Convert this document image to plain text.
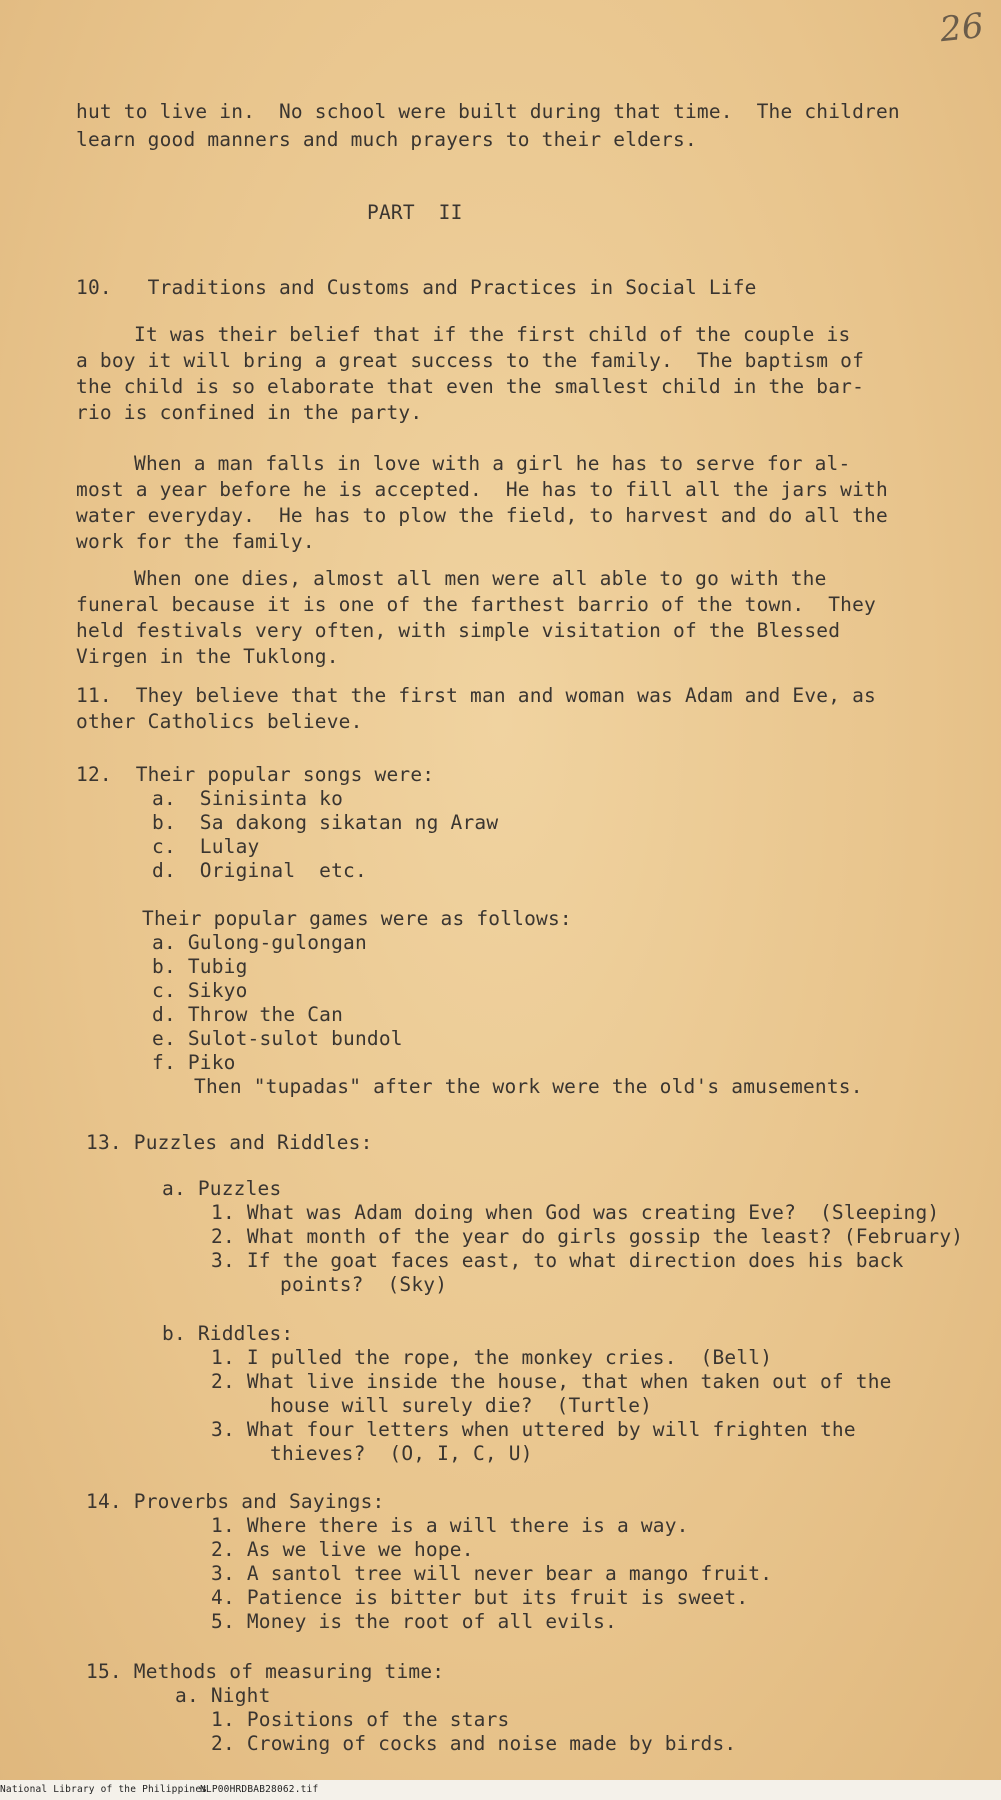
26
hut to live in.  No school were built during that time.  The children
learn good manners and much prayers to their elders.
PART  II
10.   Traditions and Customs and Practices in Social Life
It was their belief that if the first child of the couple is
a boy it will bring a great success to the family.  The baptism of
the child is so elaborate that even the smallest child in the bar-
rio is confined in the party.
When a man falls in love with a girl he has to serve for al-
most a year before he is accepted.  He has to fill all the jars with
water everyday.  He has to plow the field, to harvest and do all the
work for the family.
When one dies, almost all men were all able to go with the
funeral because it is one of the farthest barrio of the town.  They
held festivals very often, with simple visitation of the Blessed
Virgen in the Tuklong.
11.  They believe that the first man and woman was Adam and Eve, as
other Catholics believe.
12.  Their popular songs were:
a.  Sinisinta ko
b.  Sa dakong sikatan ng Araw
c.  Lulay
d.  Original  etc.
Their popular games were as follows:
a. Gulong-gulongan
b. Tubig
c. Sikyo
d. Throw the Can
e. Sulot-sulot bundol
f. Piko
Then "tupadas" after the work were the old's amusements.
13. Puzzles and Riddles:
a. Puzzles
1. What was Adam doing when God was creating Eve?  (Sleeping)
2. What month of the year do girls gossip the least? (February)
3. If the goat faces east, to what direction does his back
points?  (Sky)
b. Riddles:
1. I pulled the rope, the monkey cries.  (Bell)
2. What live inside the house, that when taken out of the
house will surely die?  (Turtle)
3. What four letters when uttered by will frighten the
thieves?  (O, I, C, U)
14. Proverbs and Sayings:
1. Where there is a will there is a way.
2. As we live we hope.
3. A santol tree will never bear a mango fruit.
4. Patience is bitter but its fruit is sweet.
5. Money is the root of all evils.
15. Methods of measuring time:
a. Night
1. Positions of the stars
2. Crowing of cocks and noise made by birds.
National Library of the Philippines
NLP00HRDBAB28062.tif
